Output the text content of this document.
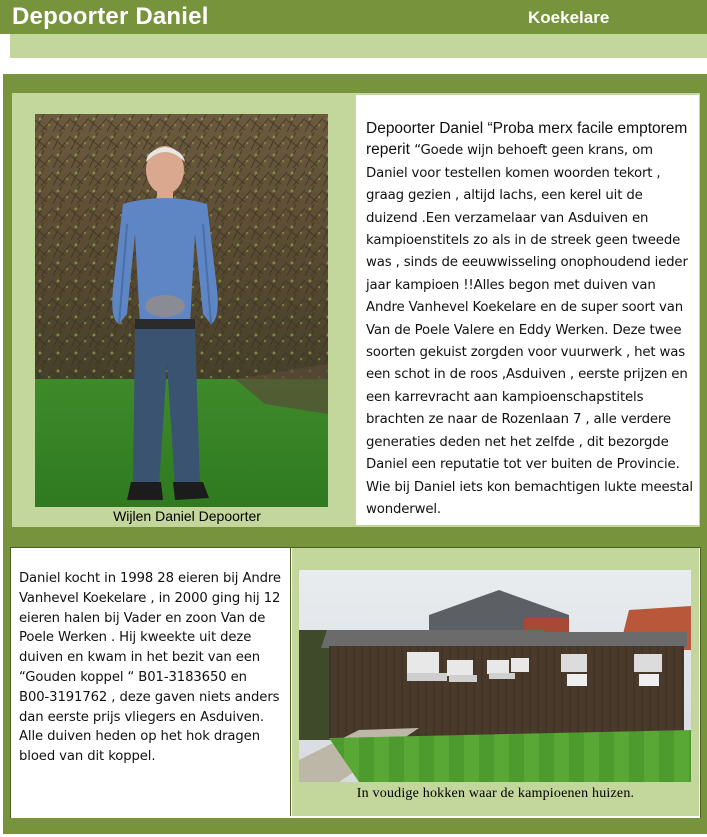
Depoorter Daniel	Koekelare
Wijlen Daniel Depoorter
Depoorter Daniel “Proba merx facile emptorem reperit “Goede wijn behoeft geen krans, om Daniel voor testellen komen woorden tekort , graag gezien , altijd lachs, een kerel uit de duizend .Een verzamelaar van Asduiven en kampioenstitels zo als in de streek geen tweede was , sinds de eeuwwisseling onophoudend ieder jaar kampioen !!Alles begon met duiven van Andre Vanhevel Koekelare en de super soort van Van de Poele Valere en Eddy Werken. Deze twee soorten gekuist zorgden voor vuurwerk , het was een schot in de roos ,Asduiven , eerste prijzen en een karrevracht aan kampioenschapstitels brachten ze naar de Rozenlaan 7 , alle verdere generaties deden net het zelfde , dit bezorgde Daniel een reputatie tot ver buiten de Provincie. Wie bij Daniel iets kon bemachtigen lukte meestal wonderwel.
Daniel kocht in 1998 28 eieren bij Andre Vanhevel Koekelare , in 2000 ging hij 12 eieren halen bij Vader en zoon Van de Poele Werken . Hij kweekte uit deze duiven en kwam in het bezit van een “Gouden koppel “ B01-3183650 en B00-3191762 , deze gaven niets anders dan eerste prijs vliegers en Asduiven. Alle duiven heden op het hok dragen bloed van dit koppel.
In voudige hokken waar de kampioenen huizen.
